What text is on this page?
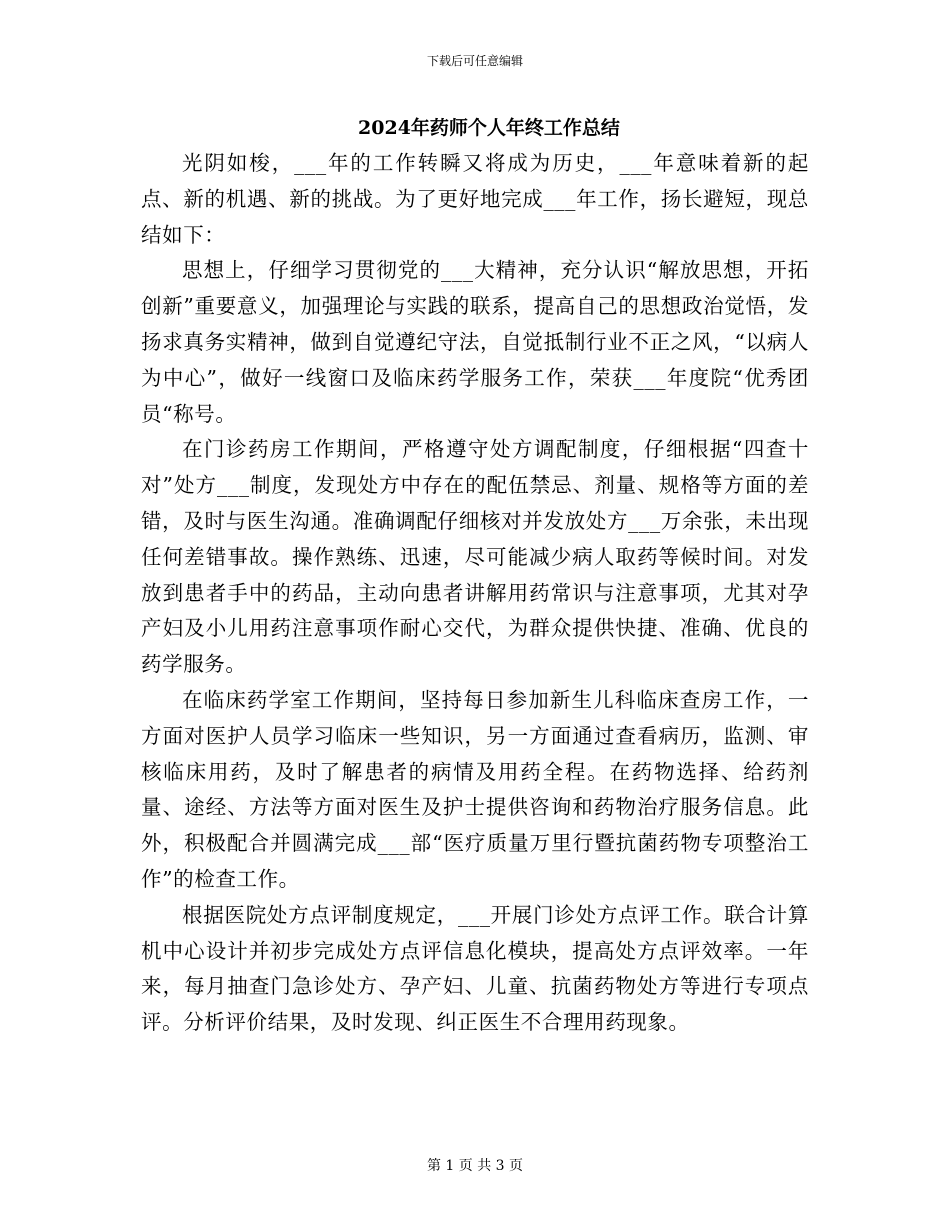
下载后可任意编辑
2024年药师个人年终工作总结

光阴如梭，___年的工作转瞬又将成为历史，___年意味着新的起点、新的机遇、新的挑战。为了更好地完成___年工作，扬长避短，现总结如下：

思想上，仔细学习贯彻党的___大精神，充分认识“解放思想，开拓创新”重要意义，加强理论与实践的联系，提高自己的思想政治觉悟，发扬求真务实精神，做到自觉遵纪守法，自觉抵制行业不正之风，“以病人为中心”，做好一线窗口及临床药学服务工作，荣获___年度院“优秀团员“称号。

在门诊药房工作期间，严格遵守处方调配制度，仔细根据“四查十对”处方___制度，发现处方中存在的配伍禁忌、剂量、规格等方面的差错，及时与医生沟通。准确调配仔细核对并发放处方___万余张，未出现任何差错事故。操作熟练、迅速，尽可能减少病人取药等候时间。对发放到患者手中的药品，主动向患者讲解用药常识与注意事项，尤其对孕产妇及小儿用药注意事项作耐心交代，为群众提供快捷、准确、优良的药学服务。

在临床药学室工作期间，坚持每日参加新生儿科临床查房工作，一方面对医护人员学习临床一些知识，另一方面通过查看病历，监测、审核临床用药，及时了解患者的病情及用药全程。在药物选择、给药剂量、途经、方法等方面对医生及护士提供咨询和药物治疗服务信息。此外，积极配合并圆满完成___部“医疗质量万里行暨抗菌药物专项整治工作”的检查工作。

根据医院处方点评制度规定，___开展门诊处方点评工作。联合计算机中心设计并初步完成处方点评信息化模块，提高处方点评效率。一年来，每月抽查门急诊处方、孕产妇、儿童、抗菌药物处方等进行专项点评。分析评价结果，及时发现、纠正医生不合理用药现象。

第 1 页 共 3 页
